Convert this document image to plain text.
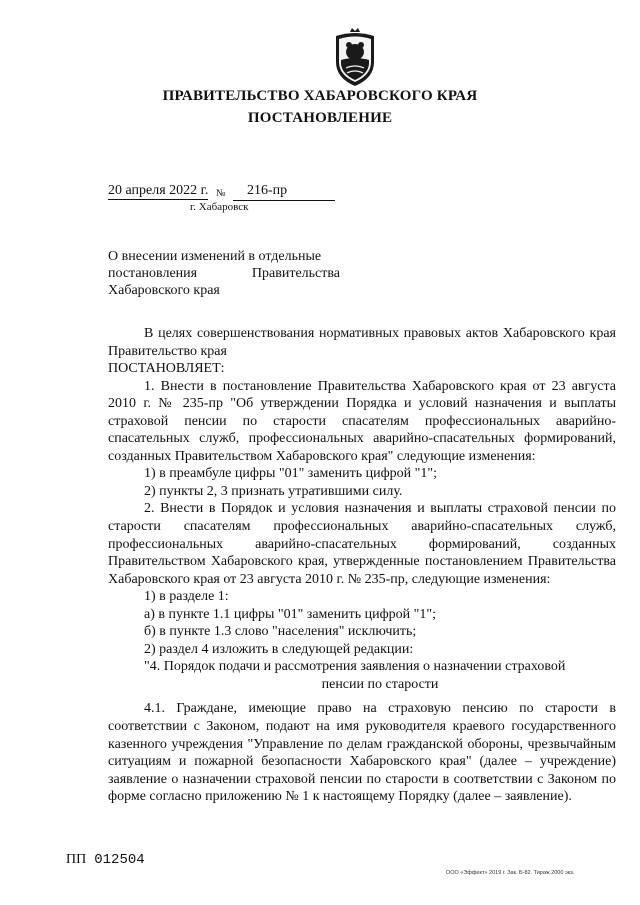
ПРАВИТЕЛЬСТВО ХАБАРОВСКОГО КРАЯ
ПОСТАНОВЛЕНИЕ
20 апреля 2022 г. №	216-пр
г. Хабаровск
О внесении изменений в отдельные
постановления Правительства
Хабаровского края

В целях совершенствования нормативных правовых актов Хабаровского края Правительство края

ПОСТАНОВЛЯЕТ:

1. Внести в постановление Правительства Хабаровского края от 23 августа 2010 г. № 235-пр "Об утверждении Порядка и условий назначения и выплаты страховой пенсии по старости спасателям профессиональных аварийно-спасательных служб, профессиональных аварийно-спасательных формирований, созданных Правительством Хабаровского края" следующие изменения:

1) в преамбуле цифры "01" заменить цифрой "1";

2) пункты 2, 3 признать утратившими силу.

2. Внести в Порядок и условия назначения и выплаты страховой пенсии по старости спасателям профессиональных аварийно-спасательных служб, профессиональных аварийно-спасательных формирований, созданных Правительством Хабаровского края, утвержденные постановлением Правительства Хабаровского края от 23 августа 2010 г. № 235-пр, следующие изменения:

1) в разделе 1:

а) в пункте 1.1 цифры "01" заменить цифрой "1";

б) в пункте 1.3 слово "населения" исключить;

2) раздел 4 изложить в следующей редакции:

"4. Порядок подачи и рассмотрения заявления о назначении страховой

пенсии по старости

4.1. Граждане, имеющие право на страховую пенсию по старости в соответствии с Законом, подают на имя руководителя краевого государственного казенного учреждения "Управление по делам гражданской обороны, чрезвычайным ситуациям и пожарной безопасности Хабаровского края" (далее – учреждение) заявление о назначении страховой пенсии по старости в соответствии с Законом по форме согласно приложению № 1 к настоящему Порядку (далее – заявление).

ПП 012504
ООО «Эффект» 2019 г. Зак. Б-82. Тираж 2000 экз.
